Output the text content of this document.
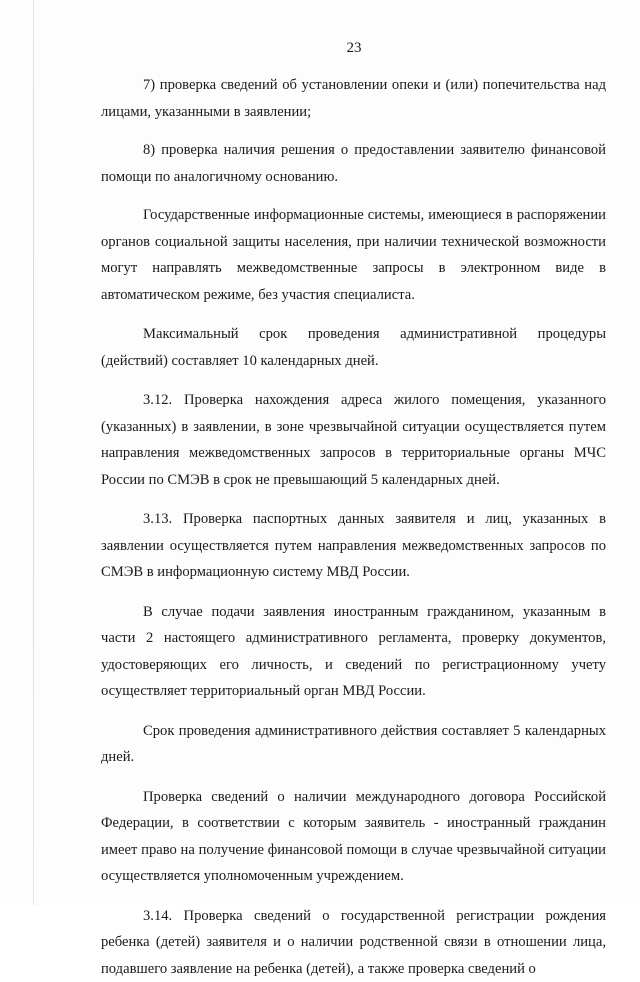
23

7) проверка сведений об установлении опеки и (или) попечительства над лицами, указанными в заявлении;

8) проверка наличия решения о предоставлении заявителю финансовой помощи по аналогичному основанию.

Государственные информационные системы, имеющиеся в распоряжении органов социальной защиты населения, при наличии технической возможности могут направлять межведомственные запросы в электронном виде в автоматическом режиме, без участия специалиста.

Максимальный срок проведения административной процедуры (действий) составляет 10 календарных дней.

3.12. Проверка нахождения адреса жилого помещения, указанного (указанных) в заявлении, в зоне чрезвычайной ситуации осуществляется путем направления межведомственных запросов в территориальные органы МЧС России по СМЭВ в срок не превышающий 5 календарных дней.

3.13. Проверка паспортных данных заявителя и лиц, указанных в заявлении осуществляется путем направления межведомственных запросов по СМЭВ в информационную систему МВД России.

В случае подачи заявления иностранным гражданином, указанным в части 2 настоящего административного регламента, проверку документов, удостоверяющих его личность, и сведений по регистрационному учету осуществляет территориальный орган МВД России.

Срок проведения административного действия составляет 5 календарных дней.

Проверка сведений о наличии международного договора Российской Федерации, в соответствии с которым заявитель - иностранный гражданин имеет право на получение финансовой помощи в случае чрезвычайной ситуации осуществляется уполномоченным учреждением.

3.14. Проверка сведений о государственной регистрации рождения ребенка (детей) заявителя и о наличии родственной связи в отношении лица, подавшего заявление на ребенка (детей), а также проверка сведений о
